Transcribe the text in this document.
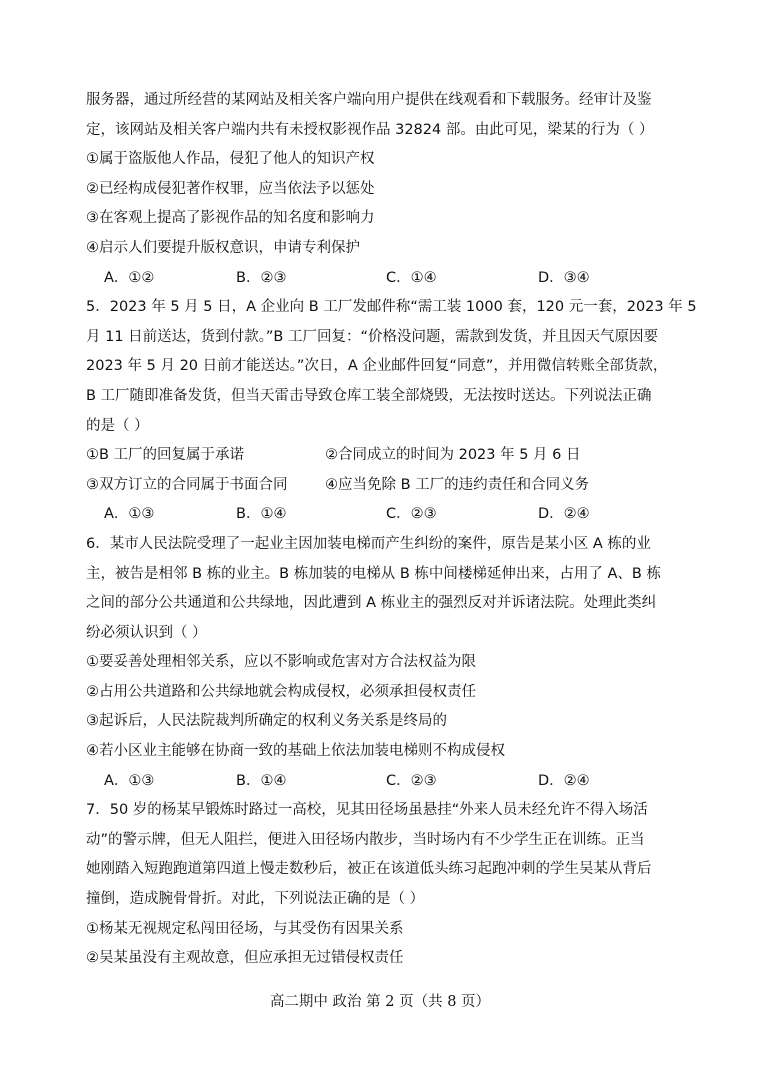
服务器，通过所经营的某网站及相关客户端向用户提供在线观看和下载服务。经审计及鉴
定，该网站及相关客户端内共有未授权影视作品 32824 部。由此可见，梁某的行为（ ）
①属于盗版他人作品，侵犯了他人的知识产权
②已经构成侵犯著作权罪，应当依法予以惩处
③在客观上提高了影视作品的知名度和影响力
④启示人们要提升版权意识，申请专利保护
A．①②	B．②③	C．①④	D．③④
5．2023 年 5 月 5 日，A 企业向 B 工厂发邮件称“需工装 1000 套，120 元一套，2023 年 5
月 11 日前送达，货到付款。”B 工厂回复：“价格没问题，需款到发货，并且因天气原因要
2023 年 5 月 20 日前才能送达。”次日，A 企业邮件回复“同意”，并用微信转账全部货款，
B 工厂随即准备发货，但当天雷击导致仓库工装全部烧毁，无法按时送达。下列说法正确
的是（ ）
①B 工厂的回复属于承诺	②合同成立的时间为 2023 年 5 月 6 日
③双方订立的合同属于书面合同	④应当免除 B 工厂的违约责任和合同义务
A．①③	B．①④	C．②③	D．②④
6．某市人民法院受理了一起业主因加装电梯而产生纠纷的案件，原告是某小区 A 栋的业
主，被告是相邻 B 栋的业主。B 栋加装的电梯从 B 栋中间楼梯延伸出来，占用了 A、B 栋
之间的部分公共通道和公共绿地，因此遭到 A 栋业主的强烈反对并诉诸法院。处理此类纠
纷必须认识到（ ）
①要妥善处理相邻关系，应以不影响或危害对方合法权益为限
②占用公共道路和公共绿地就会构成侵权，必须承担侵权责任
③起诉后，人民法院裁判所确定的权利义务关系是终局的
④若小区业主能够在协商一致的基础上依法加装电梯则不构成侵权
A．①③	B．①④	C．②③	D．②④
7．50 岁的杨某早锻炼时路过一高校，见其田径场虽悬挂“外来人员未经允许不得入场活
动”的警示牌，但无人阻拦，便进入田径场内散步，当时场内有不少学生正在训练。正当
她刚踏入短跑跑道第四道上慢走数秒后，被正在该道低头练习起跑冲刺的学生吴某从背后
撞倒，造成腕骨骨折。对此，下列说法正确的是（ ）
①杨某无视规定私闯田径场，与其受伤有因果关系
②吴某虽没有主观故意，但应承担无过错侵权责任
高二期中 政治 第 2 页（共 8 页）
